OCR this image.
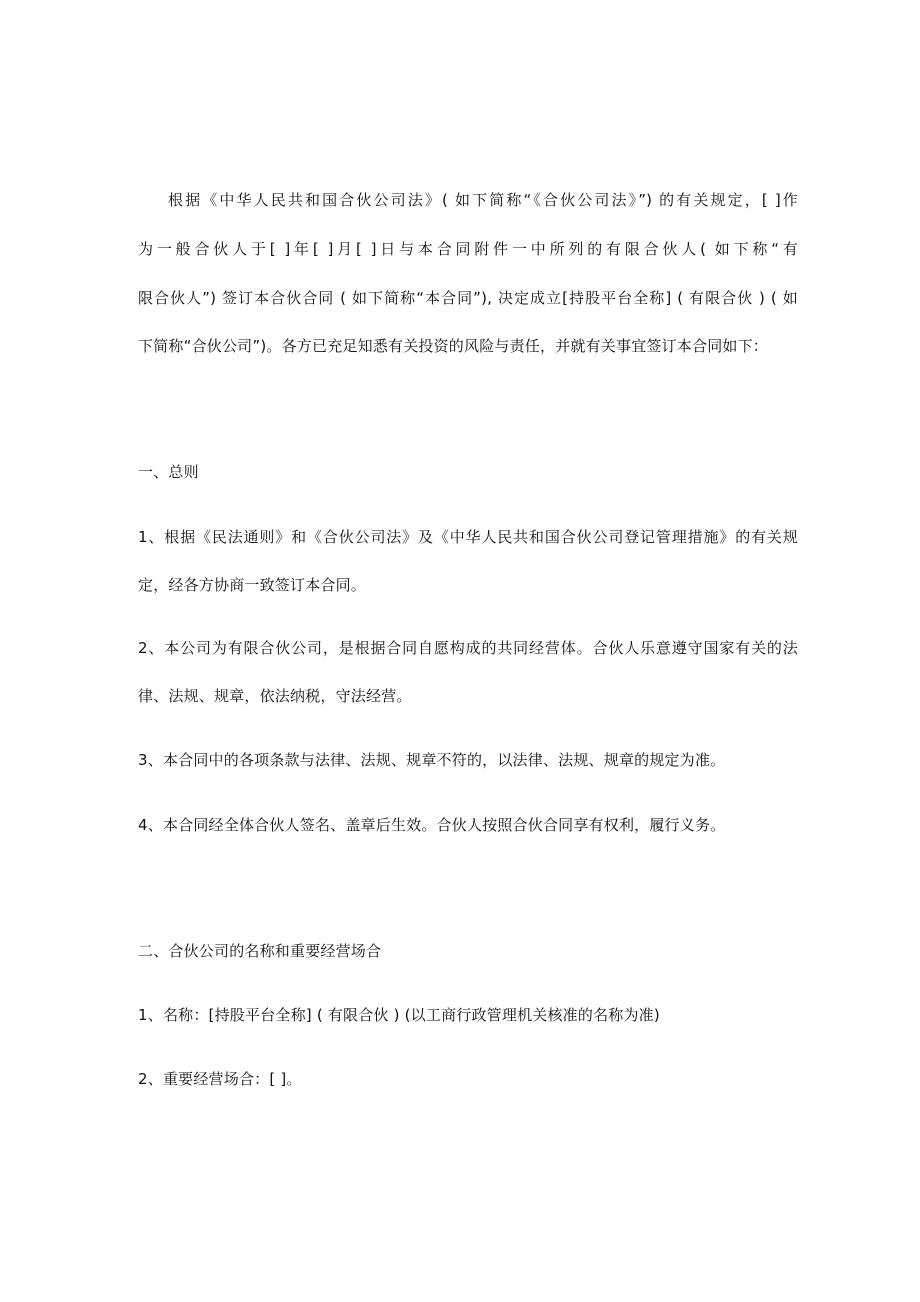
根据《中华人民共和国合伙公司法》( 如下简称“《合伙公司法》”) 的有关规定，[ ]作
为一般合伙人于[ ]年[ ]月[ ]日与本合同附件一中所列的有限合伙人( 如下称“有
限合伙人”) 签订本合伙合同 ( 如下简称“本合同”), 决定成立[持股平台全称] ( 有限合伙 ) ( 如
下简称“合伙公司”)。各方已充足知悉有关投资的风险与责任，并就有关事宜签订本合同如下：
一、总则
1、根据《民法通则》和《合伙公司法》及《中华人民共和国合伙公司登记管理措施》的有关规
定，经各方协商一致签订本合同。
2、本公司为有限合伙公司，是根据合同自愿构成的共同经营体。合伙人乐意遵守国家有关的法
律、法规、规章，依法纳税，守法经营。
3、本合同中的各项条款与法律、法规、规章不符的，以法律、法规、规章的规定为准。
4、本合同经全体合伙人签名、盖章后生效。合伙人按照合伙合同享有权利，履行义务。
二、合伙公司的名称和重要经营场合
1、名称：[持股平台全称] ( 有限合伙 ) (以工商行政管理机关核准的名称为准)
2、重要经营场合：[ ]。
